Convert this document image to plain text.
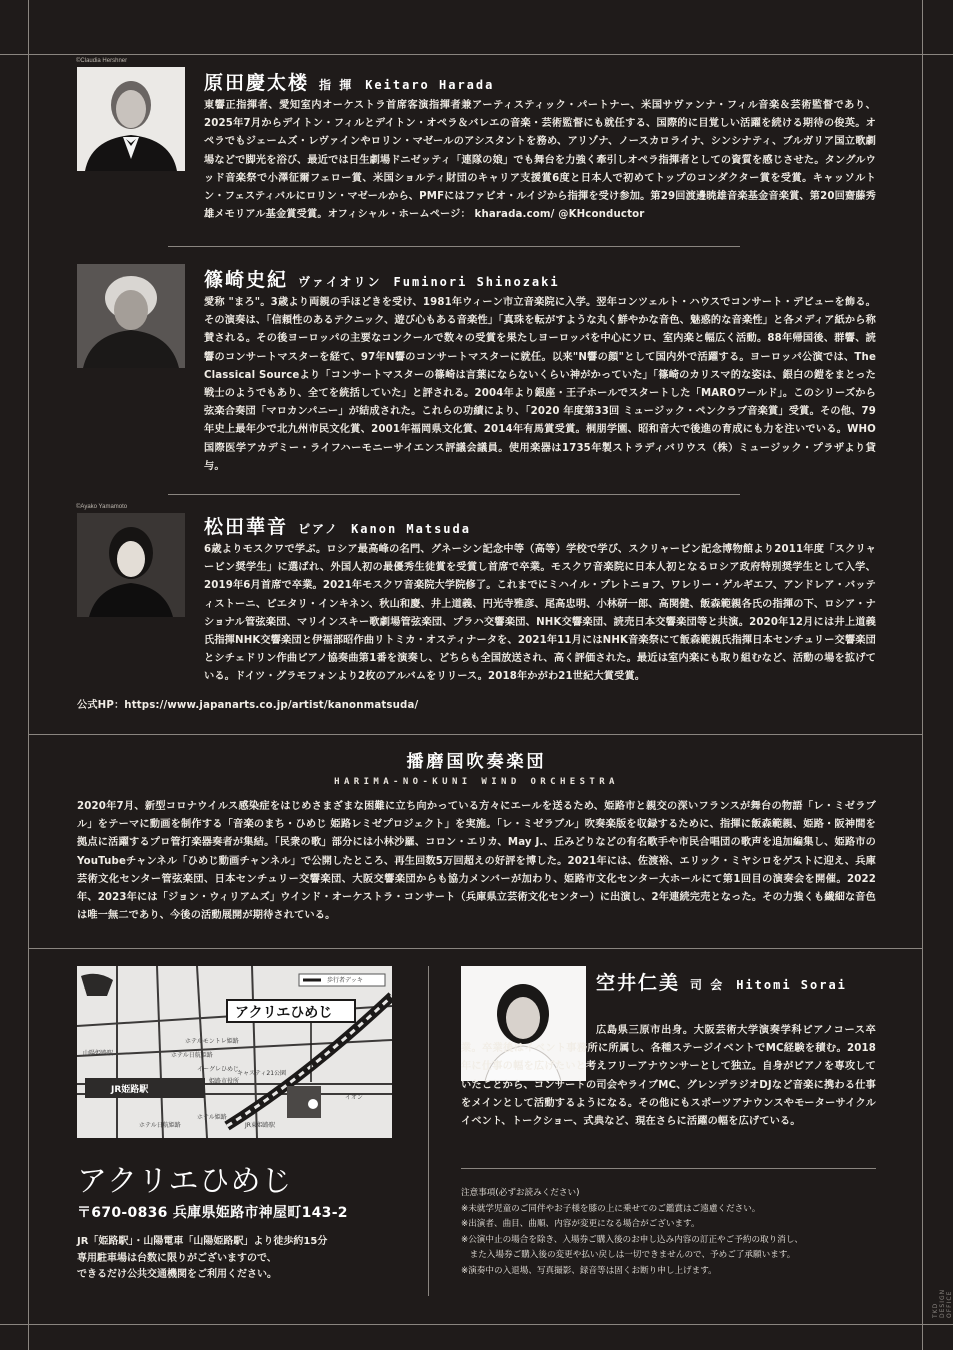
©Claudia Hershner
原田慶太楼 指 揮 Keitaro Harada

東響正指揮者、愛知室内オーケストラ首席客演指揮者兼アーティスティック・パートナー、米国サヴァンナ・フィル音楽＆芸術監督であり、2025年7月からデイトン・フィルとデイトン・オペラ＆バレエの音楽・芸術監督にも就任する、国際的に目覚しい活躍を続ける期待の俊英。オペラでもジェームズ・レヴァインやロリン・マゼールのアシスタントを務め、アリゾナ、ノースカロライナ、シンシナティ、ブルガリア国立歌劇場などで脚光を浴び、最近では日生劇場ドニゼッティ「連隊の娘」でも舞台を力強く牽引しオペラ指揮者としての資質を感じさせた。タングルウッド音楽祭で小澤征爾フェロー賞、米国ショルティ財団のキャリア支援賞6度と日本人で初めてトップのコンダクター賞を受賞。キャッソルトン・フェスティバルにロリン・マゼールから、PMFにはファビオ・ルイジから指揮を受け参加。第29回渡邊暁雄音楽基金音楽賞、第20回齋藤秀雄メモリアル基金賞受賞。オフィシャル・ホームページ： kharada.com/ @KHconductor

篠崎史紀 ヴァイオリン Fuminori Shinozaki

愛称 "まろ"。3歳より両親の手ほどきを受け、1981年ウィーン市立音楽院に入学。翌年コンツェルト・ハウスでコンサート・デビューを飾る。その演奏は、「信頼性のあるテクニック、遊び心もある音楽性」「真珠を転がすような丸く鮮やかな音色、魅惑的な音楽性」と各メディア紙から称賛される。その後ヨーロッパの主要なコンクールで数々の受賞を果たしヨーロッパを中心にソロ、室内楽と幅広く活動。88年帰国後、群響、読響のコンサートマスターを経て、97年N響のコンサートマスターに就任。以来"N響の顔"として国内外で活躍する。ヨーロッパ公演では、The Classical Sourceより「コンサートマスターの篠崎は言葉にならないくらい神がかっていた」「篠崎のカリスマ的な姿は、銀白の鎧をまとった戦士のようでもあり、全てを統括していた」と評される。2004年より銀座・王子ホールでスタートした「MAROワールド」。このシリーズから弦楽合奏団「マロカンパニー」が結成された。これらの功績により、「2020 年度第33回 ミュージック・ペンクラブ音楽賞」受賞。その他、79年史上最年少で北九州市民文化賞、2001年福岡県文化賞、2014年有馬賞受賞。桐朋学園、昭和音大で後進の育成にも力を注いでいる。WHO国際医学アカデミー・ライフハーモニーサイエンス評議会議員。使用楽器は1735年製ストラディバリウス（株）ミュージック・プラザより貸与。

©Ayako Yamamoto
松田華音 ピアノ Kanon Matsuda

6歳よりモスクワで学ぶ。ロシア最高峰の名門、グネーシン記念中等（高等）学校で学び、スクリャービン記念博物館より2011年度「スクリャービン奨学生」に選ばれ、外国人初の最優秀生徒賞を受賞し首席で卒業。モスクワ音楽院に日本人初となるロシア政府特別奨学生として入学、2019年6月首席で卒業。2021年モスクワ音楽院大学院修了。これまでにミハイル・プレトニョフ、ワレリー・ゲルギエフ、アンドレア・バッティストーニ、ピエタリ・インキネン、秋山和慶、井上道義、円光寺雅彦、尾高忠明、小林研一郎、高関健、飯森範親各氏の指揮の下、ロシア・ナショナル管弦楽団、マリインスキー歌劇場管弦楽団、プラハ交響楽団、NHK交響楽団、読売日本交響楽団等と共演。2020年12月には井上道義氏指揮NHK交響楽団と伊福部昭作曲リトミカ・オスティナータを、2021年11月にはNHK音楽祭にて飯森範親氏指揮日本センチュリー交響楽団とシチェドリン作曲ピアノ協奏曲第1番を演奏し、どちらも全国放送され、高く評価された。最近は室内楽にも取り組むなど、活動の場を拡げている。ドイツ・グラモフォンより2枚のアルバムをリリース。2018年かがわ21世紀大賞受賞。

公式HP：https://www.japanarts.co.jp/artist/kanonmatsuda/
播磨国吹奏楽団
HARIMA-NO-KUNI WIND ORCHESTRA

2020年7月、新型コロナウイルス感染症をはじめさまざまな困難に立ち向かっている方々にエールを送るため、姫路市と親交の深いフランスが舞台の物語「レ・ミゼラブル」をテーマに動画を制作する「音楽のまち・ひめじ 姫路レミゼプロジェクト」を実施。「レ・ミゼラブル」吹奏楽版を収録するために、指揮に飯森範親、姫路・阪神間を拠点に活躍するプロ管打楽器奏者が集結。「民衆の歌」部分には小林沙羅、コロン・エリカ、May J.、丘みどりなどの有名歌手や市民合唱団の歌声を追加編集し、姫路市のYouTubeチャンネル「ひめじ動画チャンネル」で公開したところ、再生回数5万回超えの好評を博した。2021年には、佐渡裕、エリック・ミヤシロをゲストに迎え、兵庫芸術文化センター管弦楽団、日本センチュリー交響楽団、大阪交響楽団からも協力メンバーが加わり、姫路市文化センター大ホールにて第1回目の演奏会を開催。2022年、2023年には「ジョン・ウィリアムズ」ウインド・オーケストラ・コンサート（兵庫県立芸術文化センター）に出演し、2年連続完売となった。その力強くも繊細な音色は唯一無二であり、今後の活動展開が期待されている。

アクリエひめじ
歩行者デッキ
JR姫路駅
山陽姫路駅	ホテル日航姫路
ホテルモントレ姫路
ホテル日航姫路
イーグレひめじ
姫路市役所
キャスティ21公園
ホテル姫路
JR東姫路駅
イオン
アクリエひめじ
〒670-0836 兵庫県姫路市神屋町143-2
JR「姫路駅」・山陽電車「山陽姫路駅」より徒歩約15分
専用駐車場は台数に限りがございますので、
できるだけ公共交通機関をご利用ください。
空井仁美 司 会 Hitomi Sorai

広島県三原市出身。大阪芸術大学演奏学科ピアノコース卒業。卒業後はイベント事務所に所属し、各種ステージイベントでMC経験を積む。2018年に仕事の幅を広げたいと考えフリーアナウンサーとして独立。自身がピアノを専攻していたことから、コンサートの司会やライブMC、グレンデラジオDJなど音楽に携わる仕事をメインとして活動するようになる。その他にもスポーツアナウンスやモーターサイクルイベント、トークショー、式典など、現在さらに活躍の幅を広げている。

注意事項(必ずお読みください)
※未就学児童のご同伴やお子様を膝の上に乗せてのご鑑賞はご遠慮ください。
※出演者、曲目、曲順、内容が変更になる場合がございます。
※公演中止の場合を除き、入場券ご購入後のお申し込み内容の訂正やご予約の取り消し、
　また入場券ご購入後の変更や払い戻しは一切できませんので、予めご了承願います。
※演奏中の入退場、写真撮影、録音等は固くお断り申し上げます。
TKD DESIGN OFFICE
